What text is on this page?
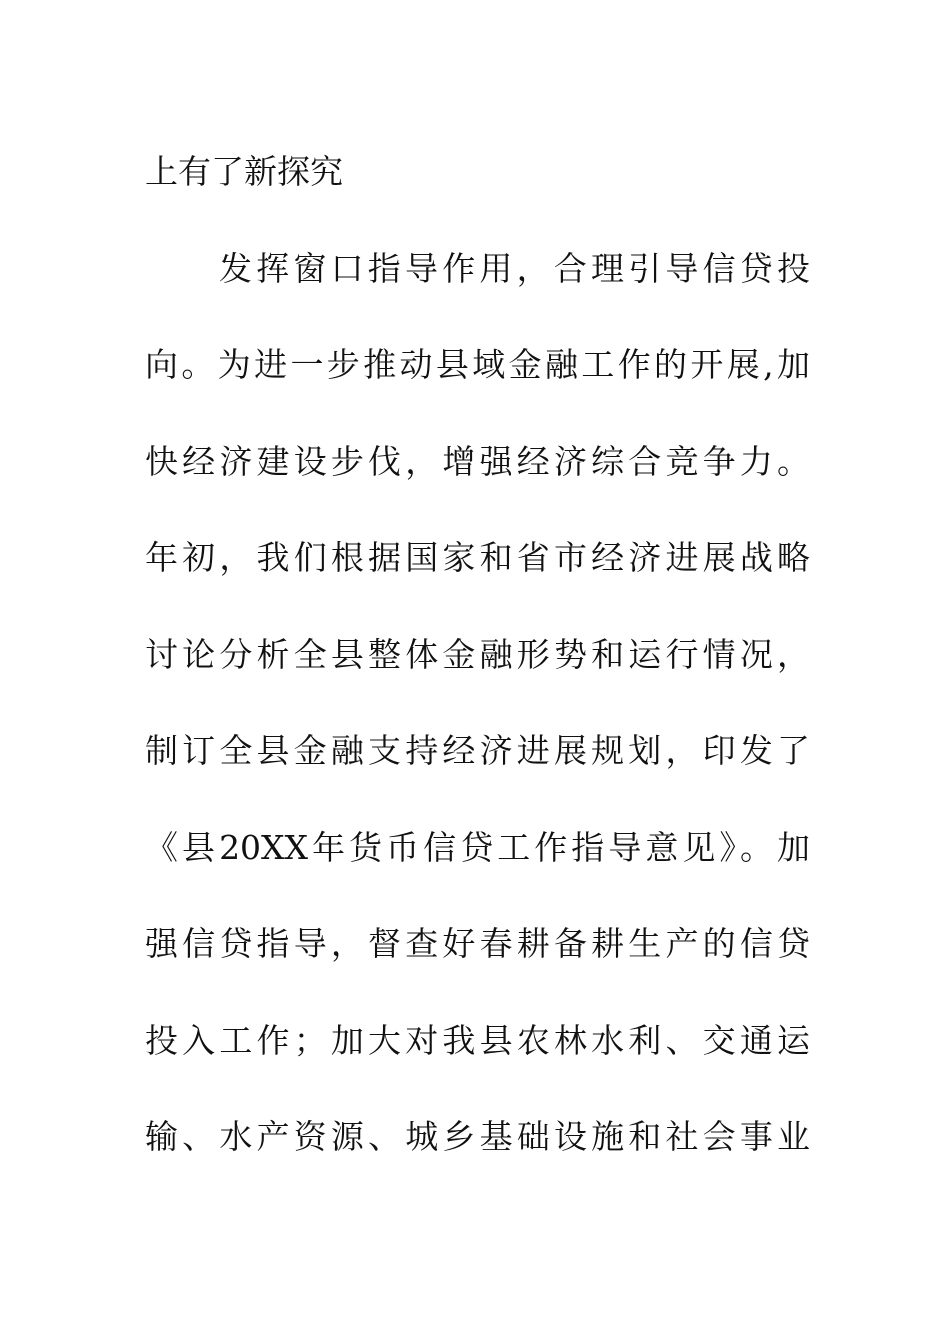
上有了新探究
发挥窗口指导作用，合理引导信贷投
向。为进一步推动县域金融工作的开展,加
快经济建设步伐，增强经济综合竞争力。
年初，我们根据国家和省市经济进展战略
讨论分析全县整体金融形势和运行情况，
制订全县金融支持经济进展规划，印发了
《县20XX年货币信贷工作指导意见》。加
强信贷指导，督查好春耕备耕生产的信贷
投入工作；加大对我县农林水利、交通运
输、水产资源、城乡基础设施和社会事业
